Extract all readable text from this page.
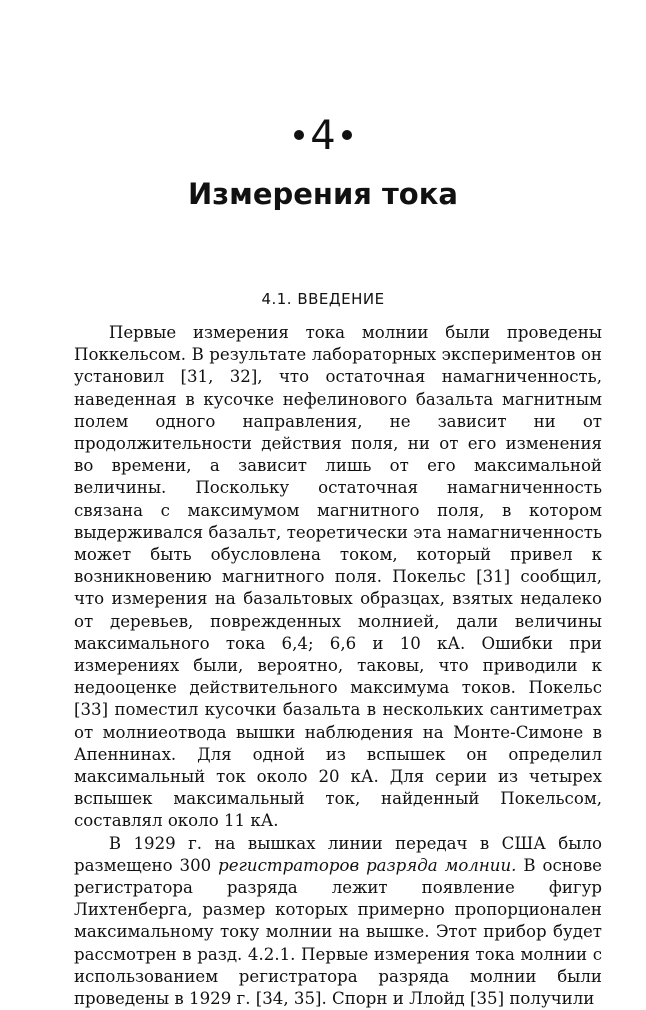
4
Измерения тока
4.1. ВВЕДЕНИЕ

Первые измерения тока молнии были проведены Поккельсом. В результате лабораторных экспериментов он установил [31, 32], что остаточная намагниченность, наведенная в кусочке нефелинового базальта магнитным полем одного направления, не зависит ни от продолжительности действия поля, ни от его изменения во времени, а зависит лишь от его максимальной величины. Поскольку остаточная намагниченность связана с максимумом магнитного поля, в котором выдерживался базальт, теоретически эта намагниченность может быть обусловлена током, который привел к возникновению магнитного поля. Покельс [31] сообщил, что измерения на базальтовых образцах, взятых недалеко от деревьев, поврежденных молнией, дали величины максимального тока 6,4; 6,6 и 10 кА. Ошибки при измерениях были, вероятно, таковы, что приводили к недооценке действительного максимума токов. Покельс [33] поместил кусочки базальта в нескольких сантиметрах от молниеотвода вышки наблюдения на Монте-Симоне в Апеннинах. Для одной из вспышек он определил максимальный ток около 20 кА. Для серии из четырех вспышек максимальный ток, найденный Покельсом, составлял около 11 кА.

В 1929 г. на вышках линии передач в США было размещено 300 регистраторов разряда молнии. В основе регистратора разряда лежит появление фигур Лихтенберга, размер которых примерно пропорционален максимальному току молнии на вышке. Этот прибор будет рассмотрен в разд. 4.2.1. Первые измерения тока молнии с использованием регистратора разряда молнии были проведены в 1929 г. [34, 35]. Спорн и Ллойд [35] получили
